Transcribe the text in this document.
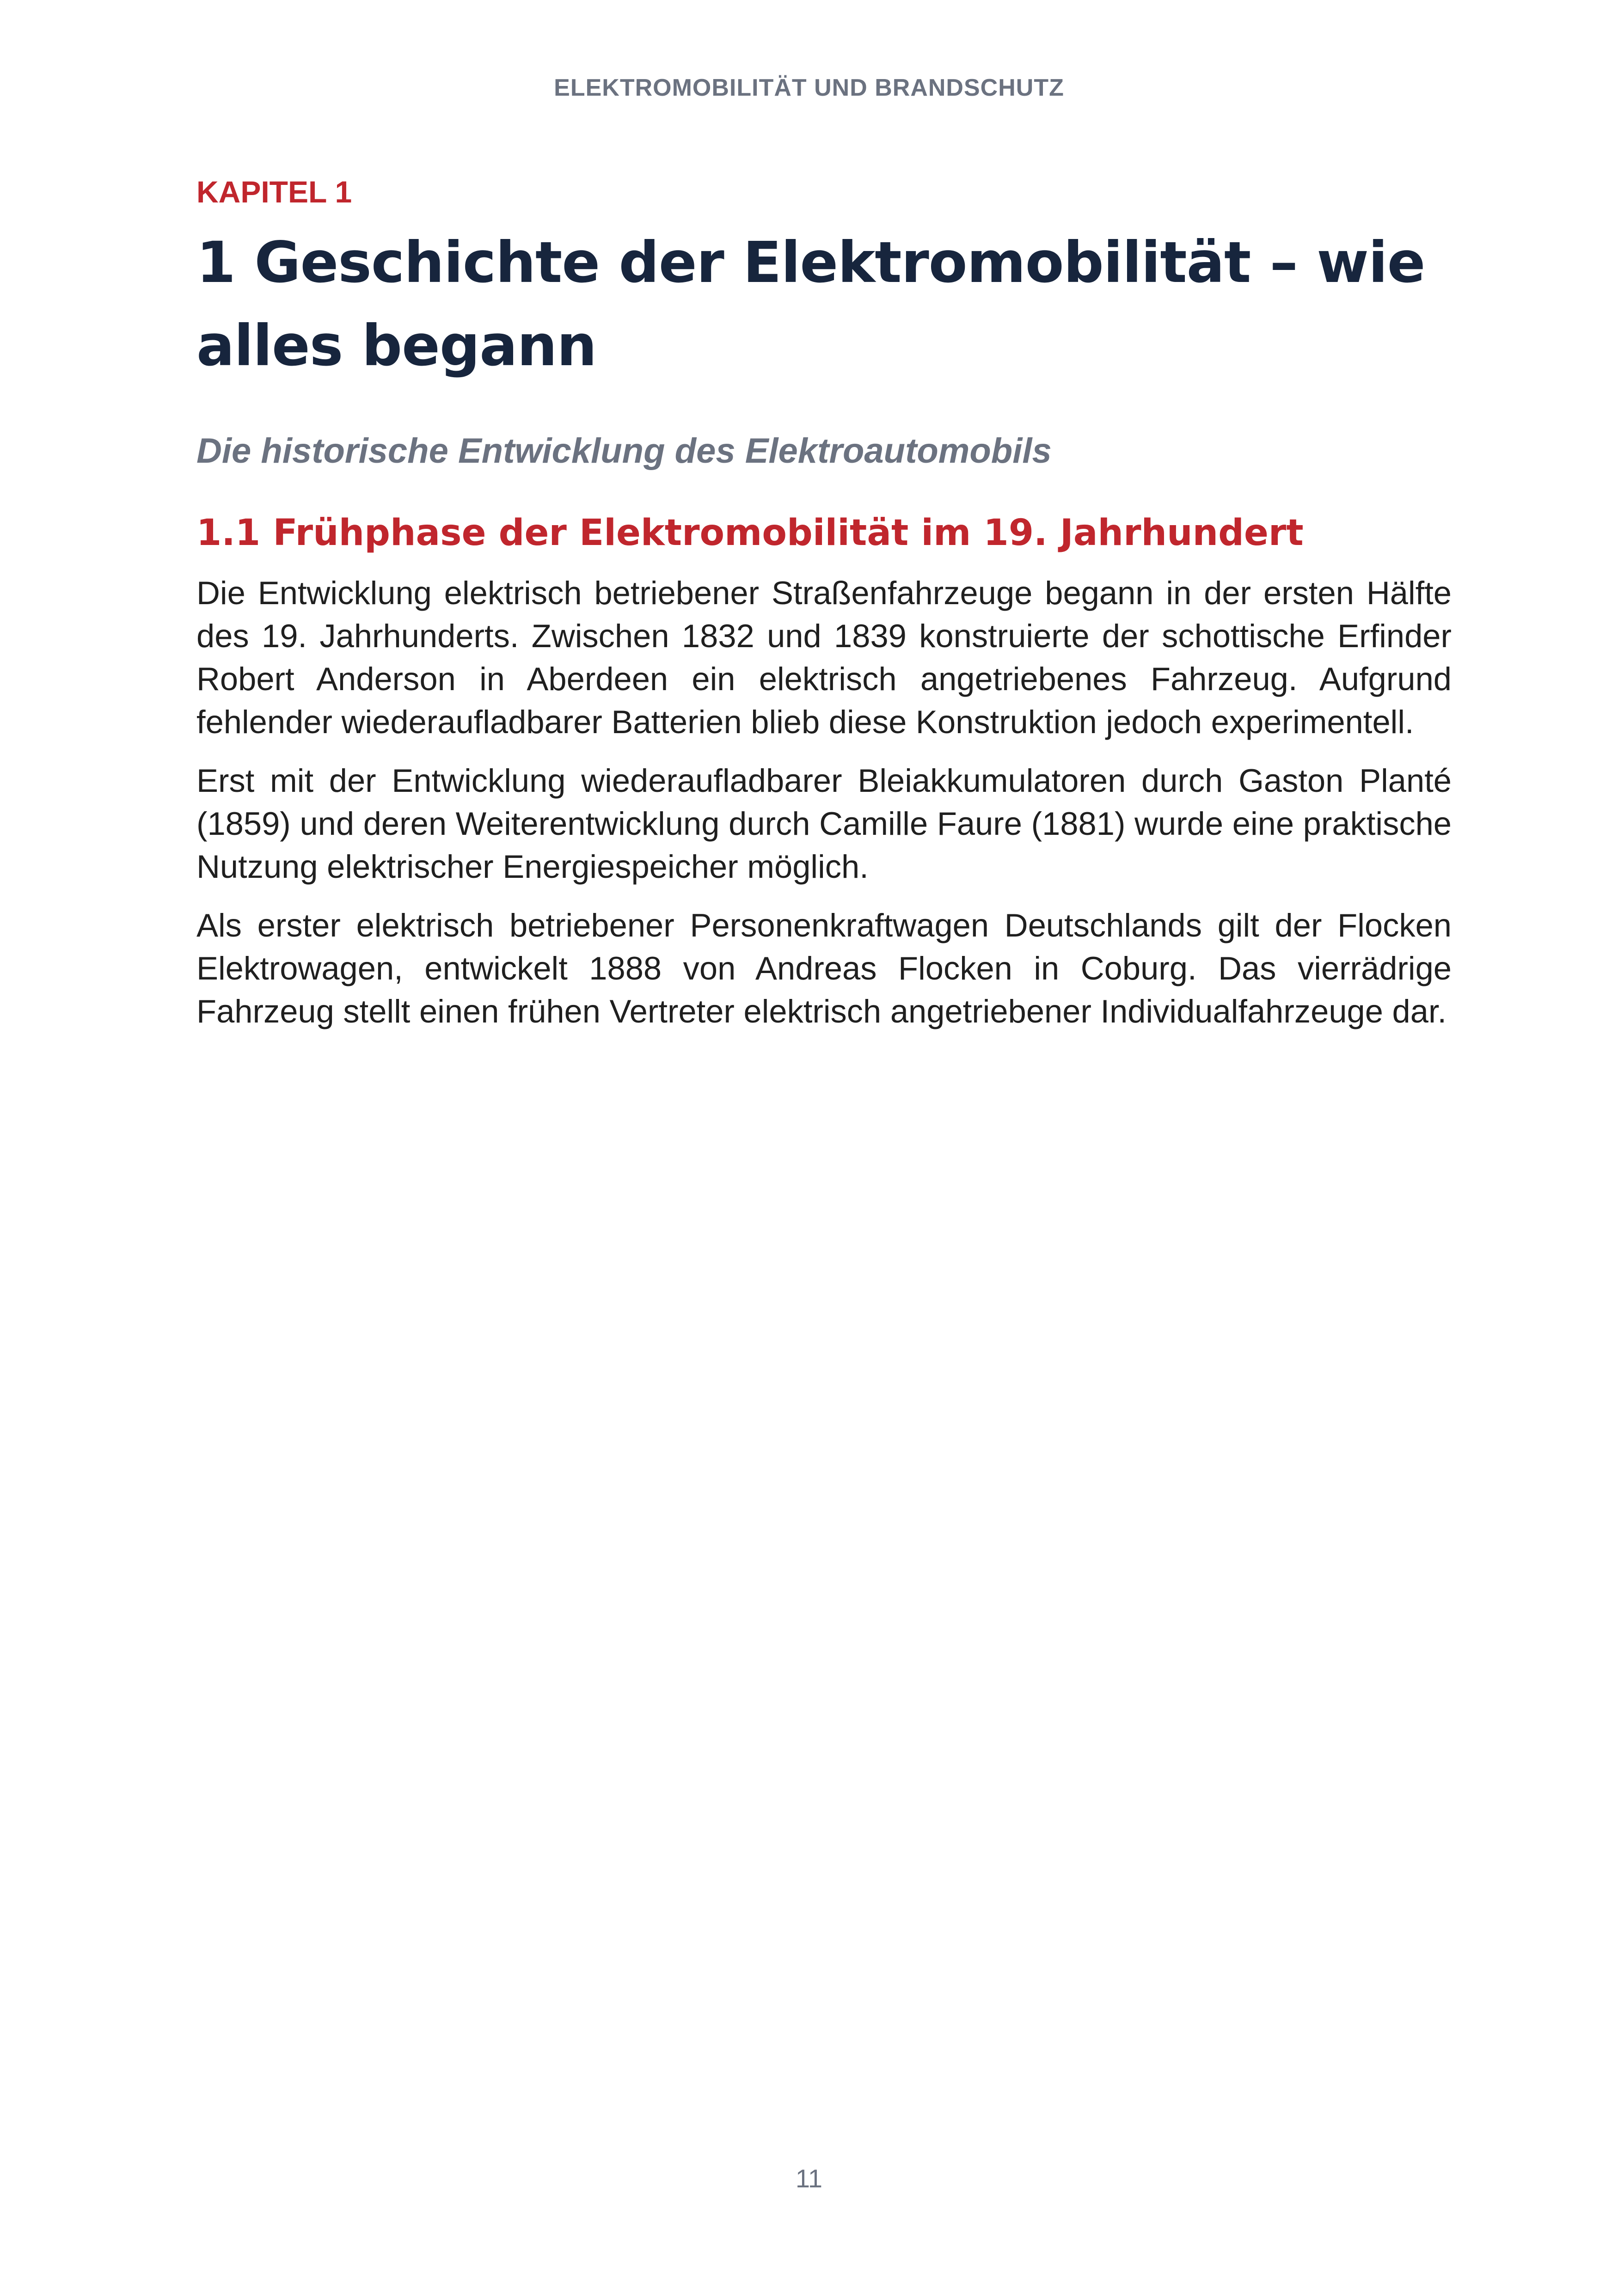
ELEKTROMOBILITÄT UND BRANDSCHUTZ

KAPITEL 1

1 Geschichte der Elektromobilität – wie alles begann

Die historische Entwicklung des Elektroautomobils

1.1 Frühphase der Elektromobilität im 19. Jahrhundert

Die Entwicklung elektrisch betriebener Straßenfahrzeuge begann in der ersten Hälfte des 19. Jahrhunderts. Zwischen 1832 und 1839 konstruierte der schottische Erfinder Robert Anderson in Aberdeen ein elektrisch angetriebenes Fahrzeug. Aufgrund fehlender wiederaufladbarer Batterien blieb diese Konstruktion jedoch experimentell.

Erst mit der Entwicklung wiederaufladbarer Bleiakkumulatoren durch Gaston Planté (1859) und deren Weiterentwicklung durch Camille Faure (1881) wurde eine praktische Nutzung elektrischer Energiespeicher möglich.

Als erster elektrisch betriebener Personenkraftwagen Deutschlands gilt der Flocken Elektrowagen, entwickelt 1888 von Andreas Flocken in Coburg. Das vierrädrige Fahrzeug stellt einen frühen Vertreter elektrisch angetriebener Individualfahrzeuge dar.

11
